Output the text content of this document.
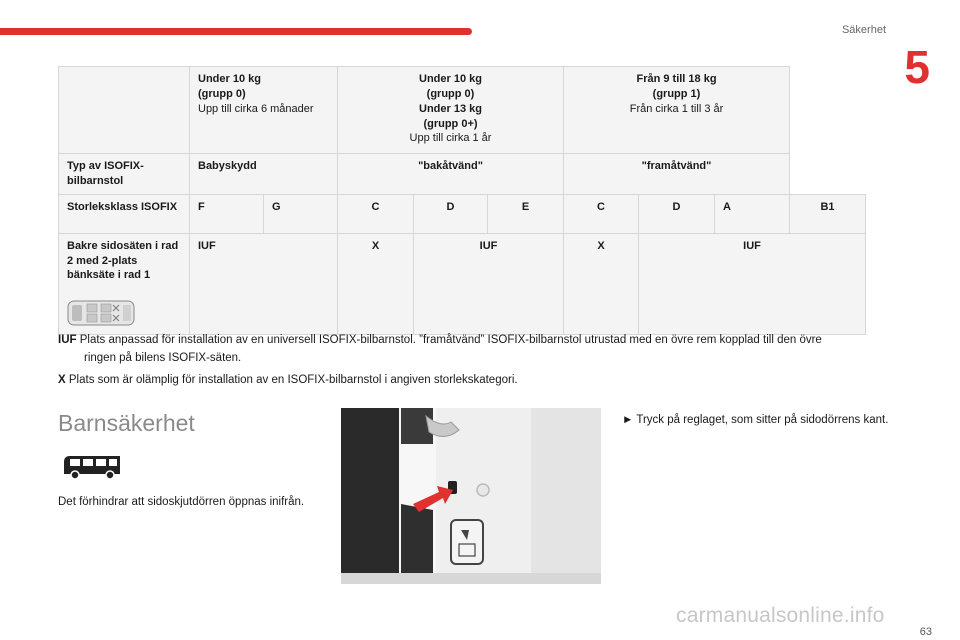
Säkerhet
5
	Under 10 kg
(grupp 0)
Upp till cirka 6 månader		Under 10 kg
(grupp 0)
Under 13 kg
(grupp 0+)
Upp till cirka 1 år			Från 9 till 18 kg
(grupp 1)
Från cirka 1 till 3 år			
Typ av ISOFIX-bilbarnstol	Babyskydd		"bakåtvänd"			"framåtvänd"			
Storleksklass ISOFIX	F	G	C	D	E	C	D	A	B1
Bakre sidosäten i rad 2 med 2-plats bänksäte i rad 1	IUF		X	IUF		X	IUF		
IUF Plats anpassad för installation av en universell ISOFIX-bilbarnstol. ”framåtvänd” ISOFIX-bilbarnstol utrustad med en övre rem kopplad till den övre
ringen på bilens ISOFIX-säten.
X Plats som är olämplig för installation av en ISOFIX-bilbarnstol i angiven storlekskategori.
Barnsäkerhet
Det förhindrar att sidoskjutdörren öppnas inifrån.
► Tryck på reglaget, som sitter på sidodörrens kant.
63
carmanualsonline.info
